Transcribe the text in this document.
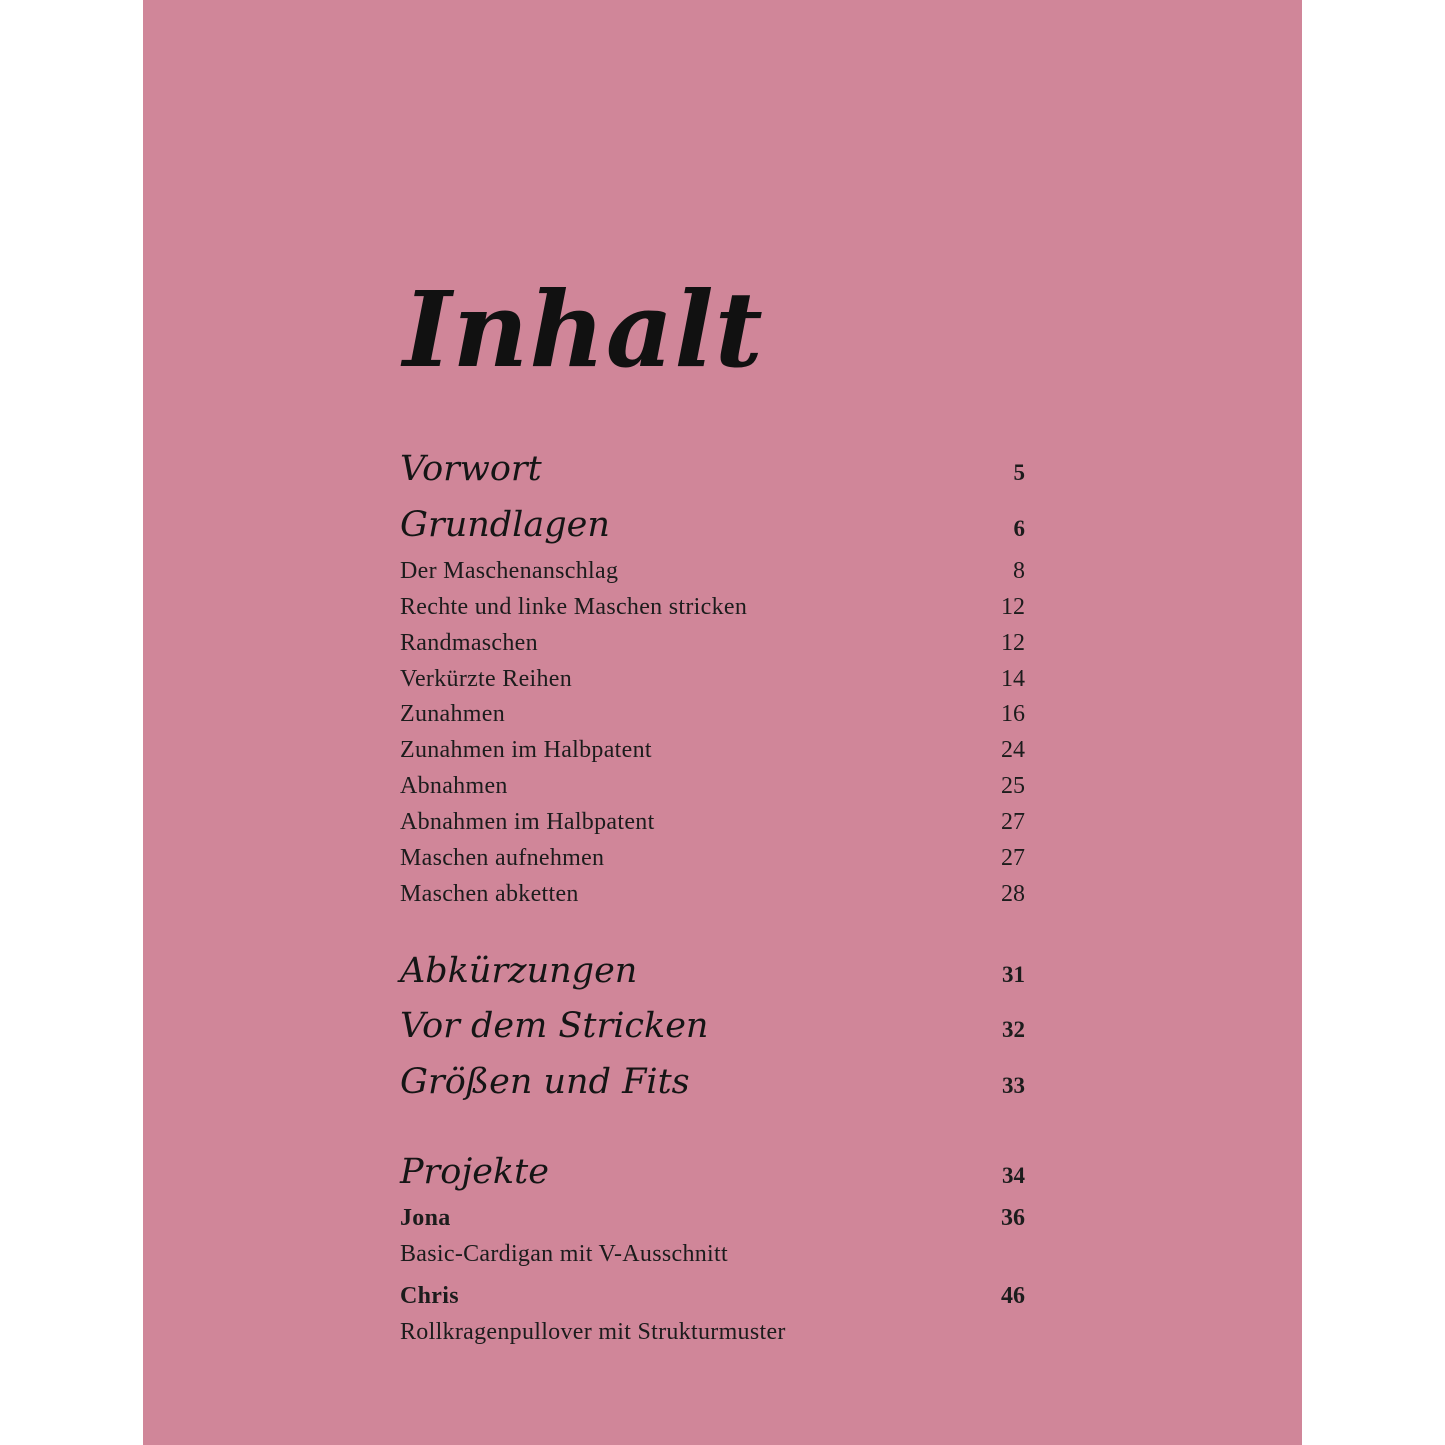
Inhalt
Vorwort	5
Grundlagen	6
Der Maschenanschlag	8
Rechte und linke Maschen stricken	12
Randmaschen	12
Verkürzte Reihen	14
Zunahmen	16
Zunahmen im Halbpatent	24
Abnahmen	25
Abnahmen im Halbpatent	27
Maschen aufnehmen	27
Maschen abketten	28
Abkürzungen	31
Vor dem Stricken	32
Größen und Fits	33
Projekte	34
Jona	36
Basic-Cardigan mit V-Ausschnitt
Chris	46
Rollkragenpullover mit Strukturmuster
